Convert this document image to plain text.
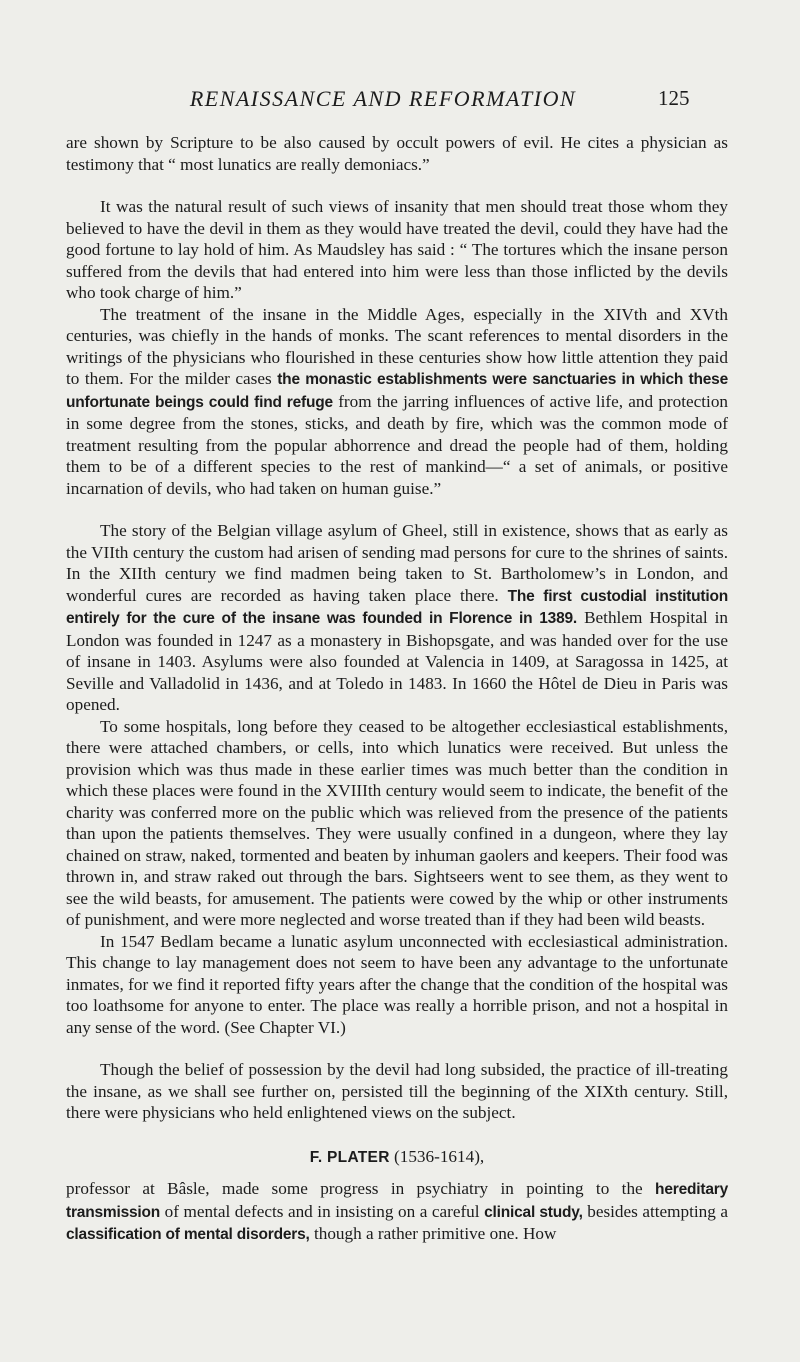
RENAISSANCE AND REFORMATION	125

are shown by Scripture to be also caused by occult powers of evil. He cites a physician as testimony that “ most lunatics are really demoniacs.”

It was the natural result of such views of insanity that men should treat those whom they believed to have the devil in them as they would have treated the devil, could they have had the good fortune to lay hold of him. As Maudsley has said : “ The tortures which the insane person suffered from the devils that had entered into him were less than those inflicted by the devils who took charge of him.”

The treatment of the insane in the Middle Ages, especially in the XIVth and XVth centuries, was chiefly in the hands of monks. The scant references to mental disorders in the writings of the physicians who flourished in these centuries show how little attention they paid to them. For the milder cases the monastic establishments were sanctuaries in which these unfortunate beings could find refuge from the jarring influences of active life, and protection in some degree from the stones, sticks, and death by fire, which was the common mode of treatment resulting from the popular abhorrence and dread the people had of them, holding them to be of a different species to the rest of mankind—“ a set of animals, or positive incarnation of devils, who had taken on human guise.”

The story of the Belgian village asylum of Gheel, still in existence, shows that as early as the VIIth century the custom had arisen of sending mad persons for cure to the shrines of saints. In the XIIth century we find madmen being taken to St. Bartholomew’s in London, and wonderful cures are recorded as having taken place there. The first custodial institution entirely for the cure of the insane was founded in Florence in 1389. Bethlem Hospital in London was founded in 1247 as a monastery in Bishopsgate, and was handed over for the use of insane in 1403. Asylums were also founded at Valencia in 1409, at Saragossa in 1425, at Seville and Valladolid in 1436, and at Toledo in 1483. In 1660 the Hôtel de Dieu in Paris was opened.

To some hospitals, long before they ceased to be altogether ecclesiastical establishments, there were attached chambers, or cells, into which lunatics were received. But unless the provision which was thus made in these earlier times was much better than the condition in which these places were found in the XVIIIth century would seem to indicate, the benefit of the charity was conferred more on the public which was relieved from the presence of the patients than upon the patients themselves. They were usually confined in a dungeon, where they lay chained on straw, naked, tormented and beaten by inhuman gaolers and keepers. Their food was thrown in, and straw raked out through the bars. Sightseers went to see them, as they went to see the wild beasts, for amusement. The patients were cowed by the whip or other instruments of punishment, and were more neglected and worse treated than if they had been wild beasts.

In 1547 Bedlam became a lunatic asylum unconnected with ecclesiastical administration. This change to lay management does not seem to have been any advantage to the unfortunate inmates, for we find it reported fifty years after the change that the condition of the hospital was too loathsome for anyone to enter. The place was really a horrible prison, and not a hospital in any sense of the word. (See Chapter VI.)

Though the belief of possession by the devil had long subsided, the practice of ill-treating the insane, as we shall see further on, persisted till the beginning of the XIXth century. Still, there were physicians who held enlightened views on the subject.

F. PLATER (1536-1614),

professor at Bâsle, made some progress in psychiatry in pointing to the hereditary transmission of mental defects and in insisting on a careful clinical study, besides attempting a classification of mental disorders, though a rather primitive one. How
